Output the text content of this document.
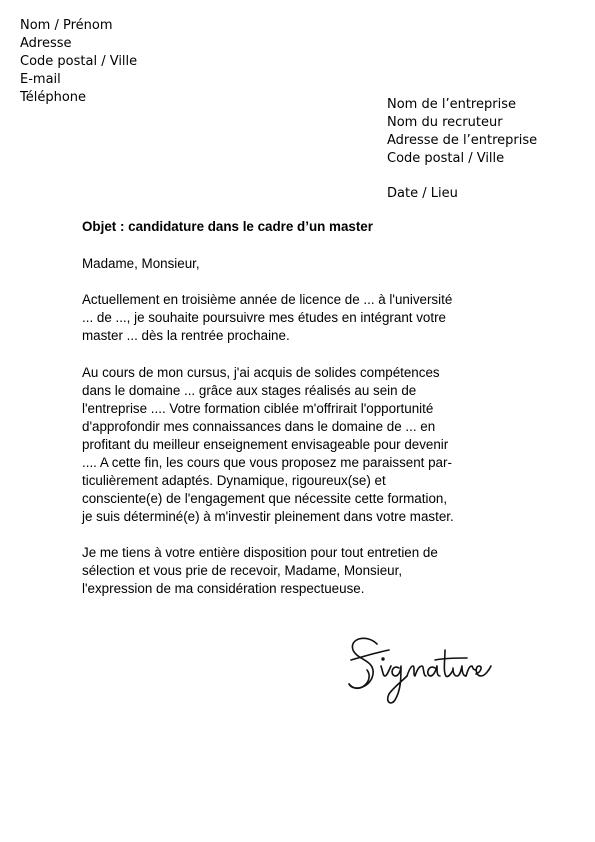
Nom / Prénom
Adresse
Code postal / Ville
E-mail
Téléphone	Nom de l’entreprise
Nom du recruteur
Adresse de l’entreprise
Code postal / Ville
Date / Lieu
Objet : candidature dans le cadre d’un master
Madame, Monsieur,
Actuellement en troisième année de licence de ... à l'université
... de ..., je souhaite poursuivre mes études en intégrant votre
master ... dès la rentrée prochaine.
Au cours de mon cursus, j'ai acquis de solides compétences
dans le domaine ... grâce aux stages réalisés au sein de
l'entreprise .... Votre formation ciblée m'offrirait l'opportunité
d'approfondir mes connaissances dans le domaine de ... en
profitant du meilleur enseignement envisageable pour devenir
.... A cette fin, les cours que vous proposez me paraissent par-
ticulièrement adaptés. Dynamique, rigoureux(se) et
consciente(e) de l'engagement que nécessite cette formation,
je suis déterminé(e) à m'investir pleinement dans votre master.
Je me tiens à votre entière disposition pour tout entretien de
sélection et vous prie de recevoir, Madame, Monsieur,
l'expression de ma considération respectueuse.
